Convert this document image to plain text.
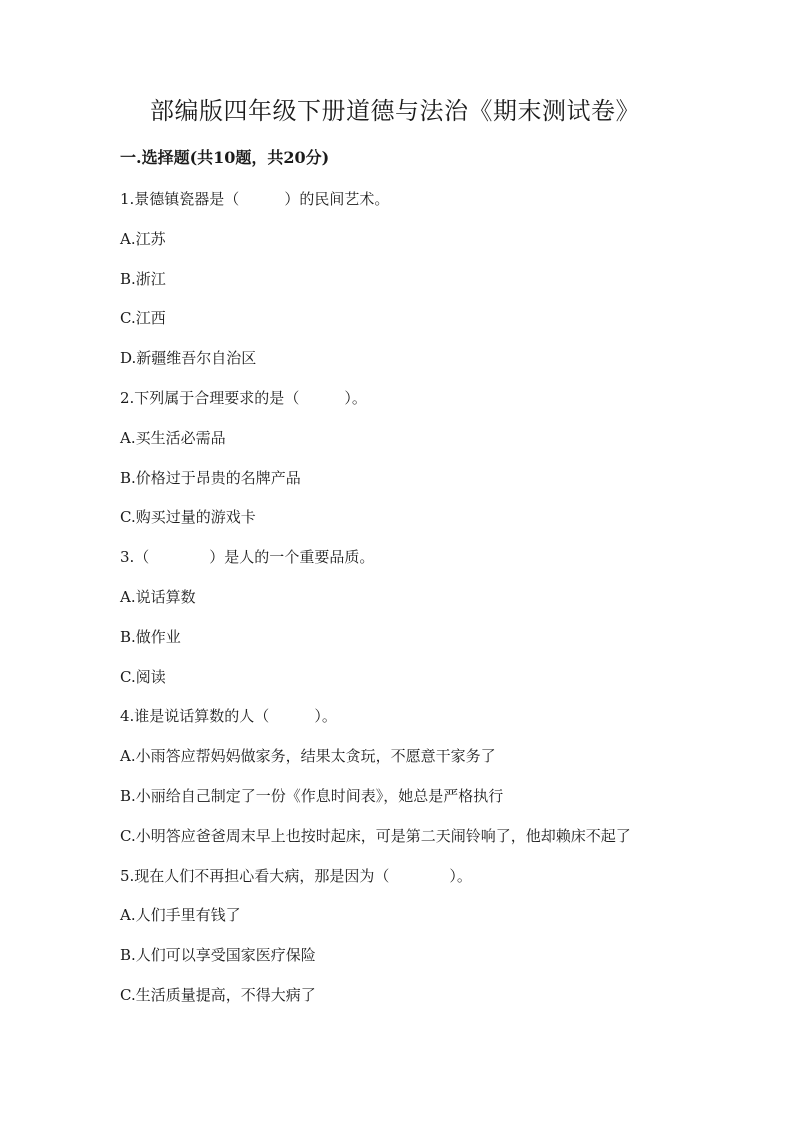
部编版四年级下册道德与法治《期末测试卷》
一.选择题(共10题，共20分)
1.景德镇瓷器是（　　　）的民间艺术。
A.江苏
B.浙江
C.江西
D.新疆维吾尔自治区
2.下列属于合理要求的是（　　　）。
A.买生活必需品
B.价格过于昂贵的名牌产品
C.购买过量的游戏卡
3.（　　　　）是人的一个重要品质。
A.说话算数
B.做作业
C.阅读
4.谁是说话算数的人（　　　）。
A.小雨答应帮妈妈做家务，结果太贪玩，不愿意干家务了
B.小丽给自己制定了一份《作息时间表》，她总是严格执行
C.小明答应爸爸周末早上也按时起床，可是第二天闹铃响了，他却赖床不起了
5.现在人们不再担心看大病，那是因为（　　　　）。
A.人们手里有钱了
B.人们可以享受国家医疗保险
C.生活质量提高，不得大病了
